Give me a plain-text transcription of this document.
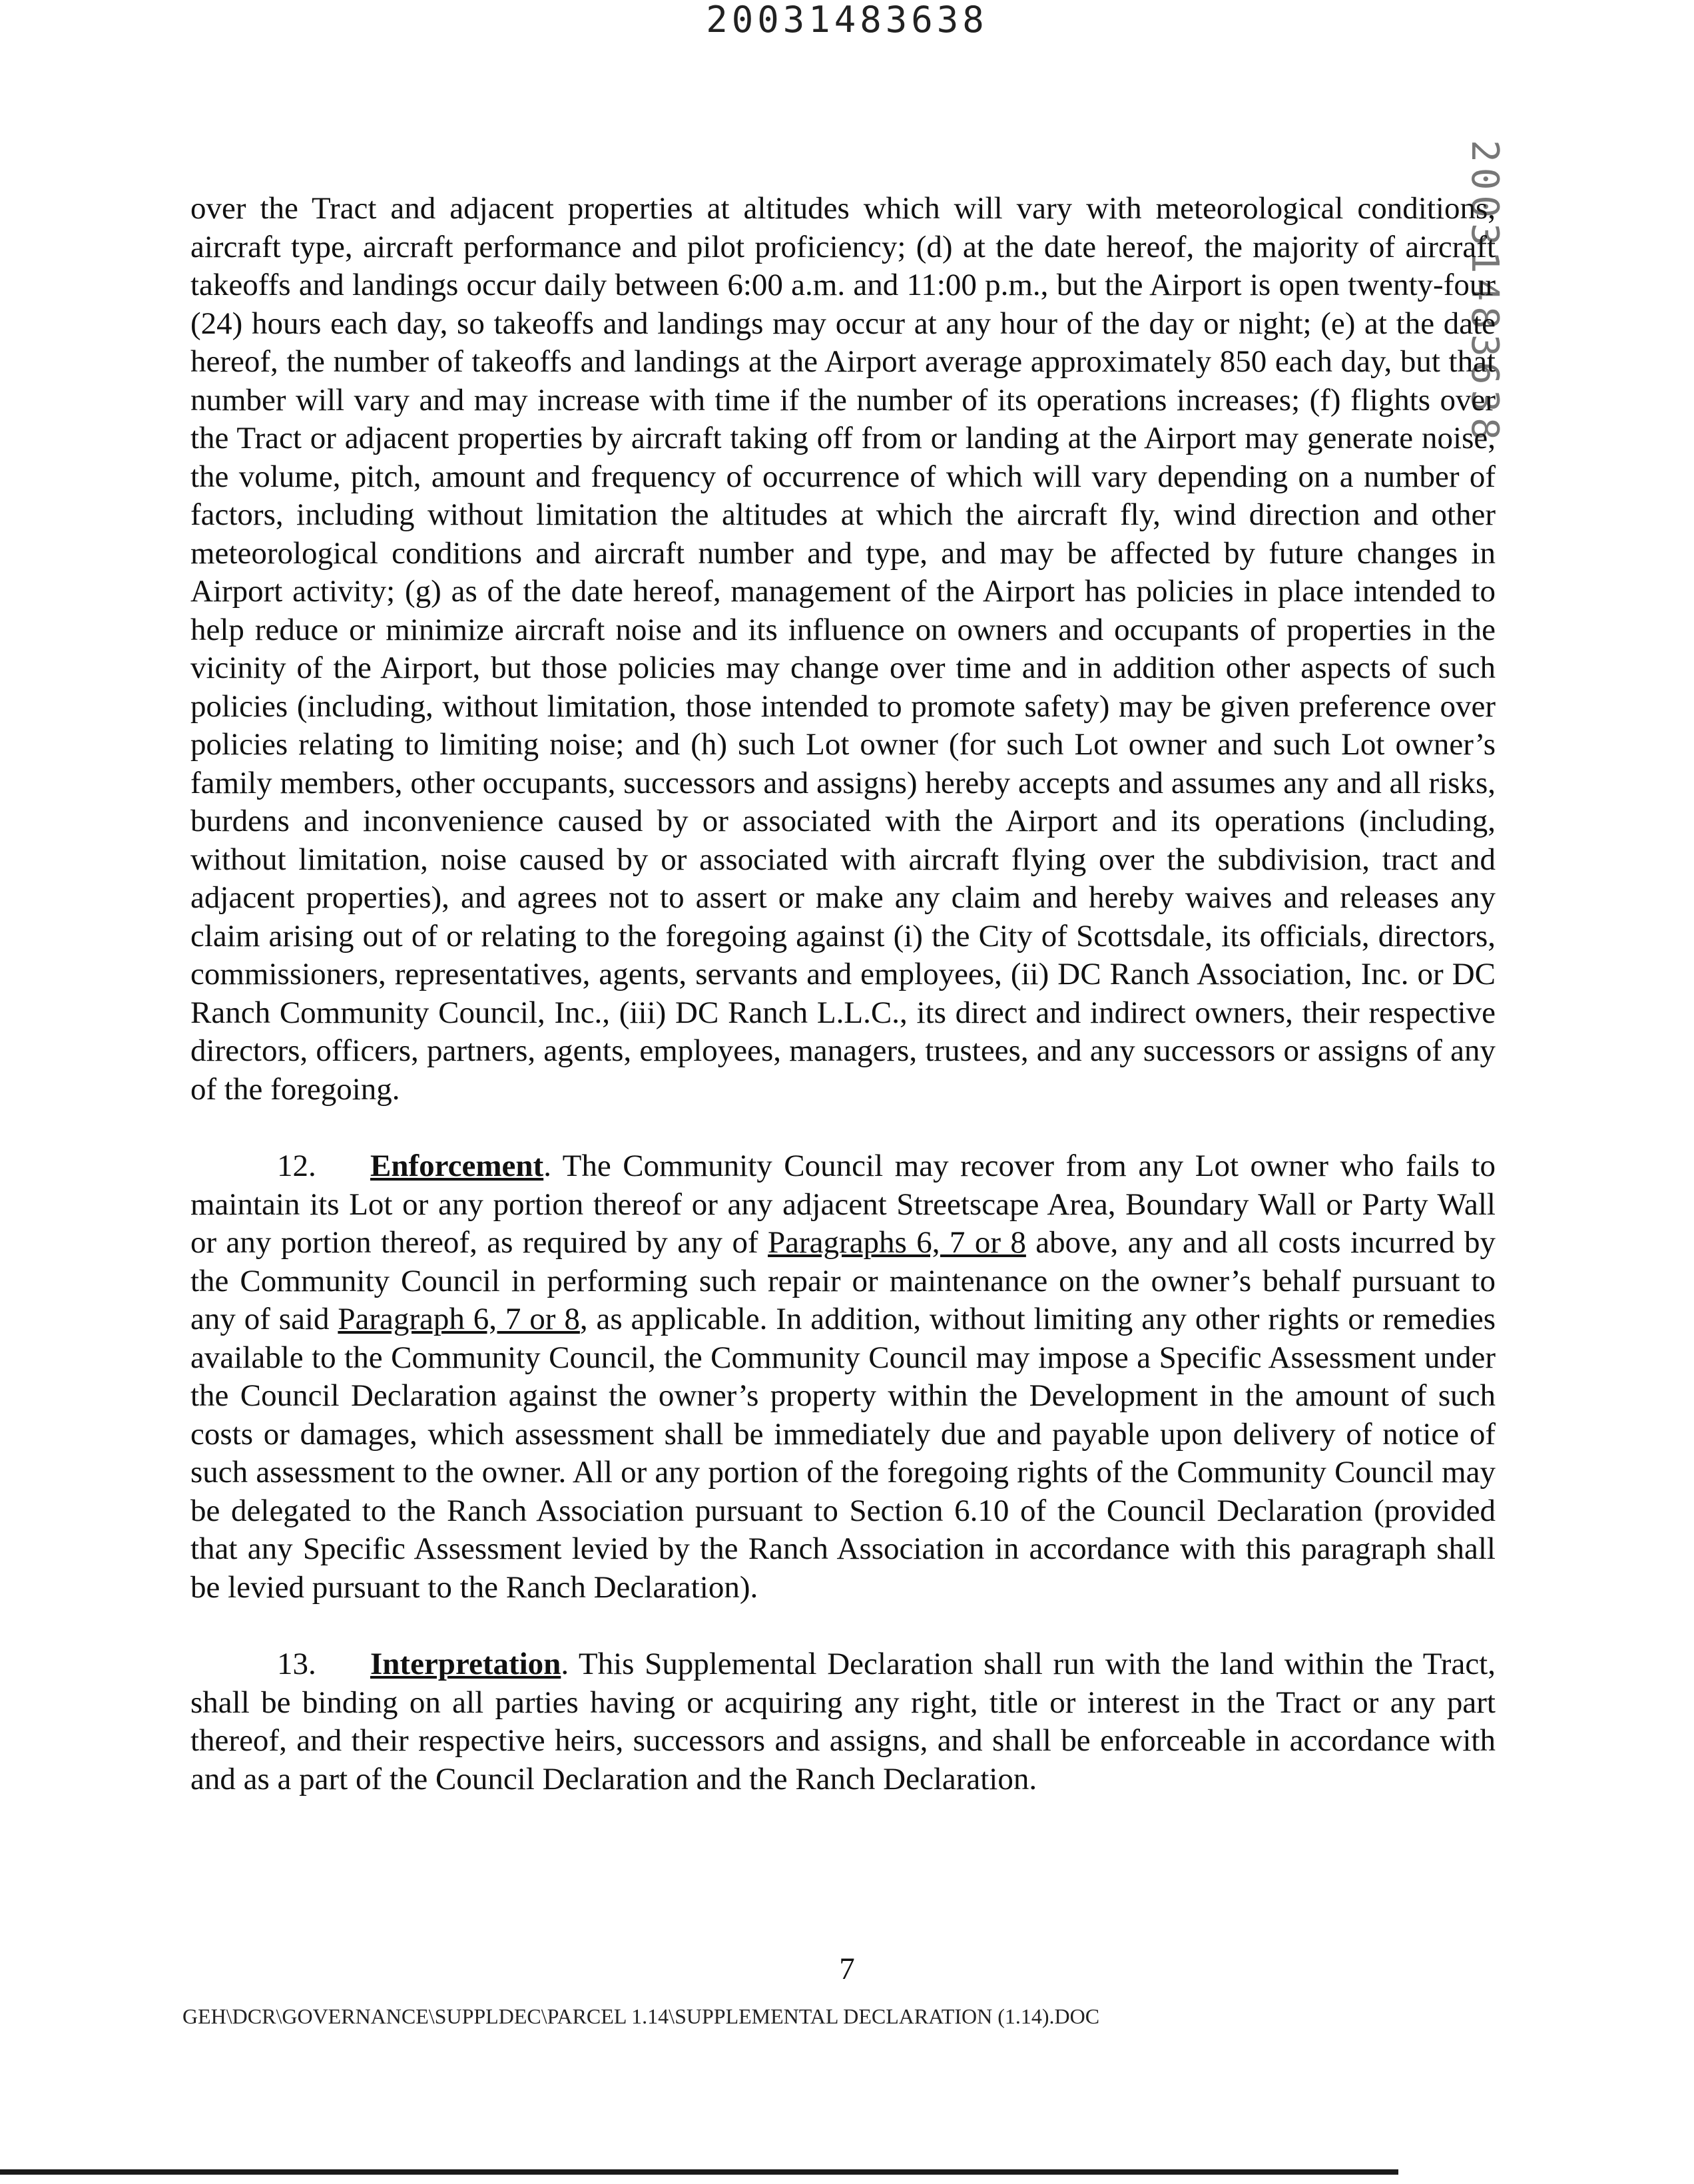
20031483638
20031483638

over the Tract and adjacent properties at altitudes which will vary with meteorological conditions, aircraft type, aircraft performance and pilot proficiency; (d) at the date hereof, the majority of aircraft takeoffs and landings occur daily between 6:00 a.m. and 11:00 p.m., but the Airport is open twenty-four (24) hours each day, so takeoffs and landings may occur at any hour of the day or night; (e) at the date hereof, the number of takeoffs and landings at the Airport average approximately 850 each day, but that number will vary and may increase with time if the number of its operations increases; (f) flights over the Tract or adjacent properties by aircraft taking off from or landing at the Airport may generate noise, the volume, pitch, amount and frequency of occurrence of which will vary depending on a number of factors, including without limitation the altitudes at which the aircraft fly, wind direction and other meteorological conditions and aircraft number and type, and may be affected by future changes in Airport activity; (g) as of the date hereof, management of the Airport has policies in place intended to help reduce or minimize aircraft noise and its influence on owners and occupants of properties in the vicinity of the Airport, but those policies may change over time and in addition other aspects of such policies (including, without limitation, those intended to promote safety) may be given preference over policies relating to limiting noise; and (h) such Lot owner (for such Lot owner and such Lot owner’s family members, other occupants, successors and assigns) hereby accepts and assumes any and all risks, burdens and inconvenience caused by or associated with the Airport and its operations (including, without limitation, noise caused by or associated with aircraft flying over the subdivision, tract and adjacent properties), and agrees not to assert or make any claim and hereby waives and releases any claim arising out of or relating to the foregoing against (i) the City of Scottsdale, its officials, directors, commissioners, representatives, agents, servants and employees, (ii) DC Ranch Association, Inc. or DC Ranch Community Council, Inc., (iii) DC Ranch L.L.C., its direct and indirect owners, their respective directors, officers, partners, agents, employees, managers, trustees, and any successors or assigns of any of the foregoing.

12. Enforcement. The Community Council may recover from any Lot owner who fails to maintain its Lot or any portion thereof or any adjacent Streetscape Area, Boundary Wall or Party Wall or any portion thereof, as required by any of Paragraphs 6, 7 or 8 above, any and all costs incurred by the Community Council in performing such repair or maintenance on the owner’s behalf pursuant to any of said Paragraph 6, 7 or 8, as applicable. In addition, without limiting any other rights or remedies available to the Community Council, the Community Council may impose a Specific Assessment under the Council Declaration against the owner’s property within the Development in the amount of such costs or damages, which assessment shall be immediately due and payable upon delivery of notice of such assessment to the owner. All or any portion of the foregoing rights of the Community Council may be delegated to the Ranch Association pursuant to Section 6.10 of the Council Declaration (provided that any Specific Assessment levied by the Ranch Association in accordance with this paragraph shall be levied pursuant to the Ranch Declaration).

13. Interpretation. This Supplemental Declaration shall run with the land within the Tract, shall be binding on all parties having or acquiring any right, title or interest in the Tract or any part thereof, and their respective heirs, successors and assigns, and shall be enforceable in accordance with and as a part of the Council Declaration and the Ranch Declaration.

7
GEH\DCR\GOVERNANCE\SUPPLDEC\PARCEL 1.14\SUPPLEMENTAL DECLARATION (1.14).DOC
